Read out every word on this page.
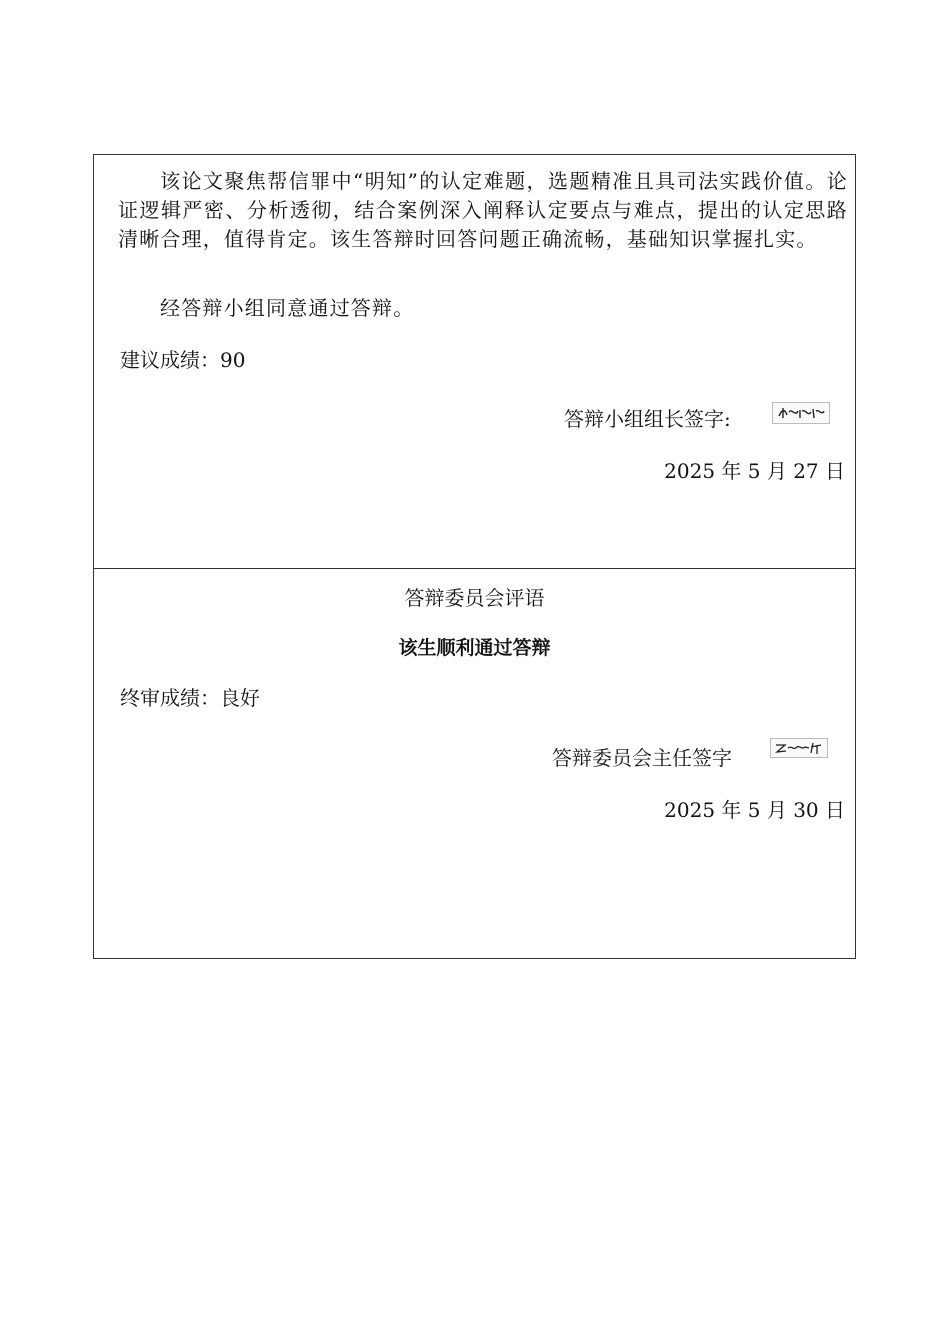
该论文聚焦帮信罪中“明知”的认定难题，选题精准且具司法实践价值。论证逻辑严密、分析透彻，结合案例深入阐释认定要点与难点，提出的认定思路清晰合理，值得肯定。该生答辩时回答问题正确流畅，基础知识掌握扎实。

经答辩小组同意通过答辩。

建议成绩：90

答辩小组组长签字:

2025 年 5 月 27 日

答辩委员会评语

该生顺利通过答辩

终审成绩：良好

答辩委员会主任签字

2025 年 5 月 30 日
